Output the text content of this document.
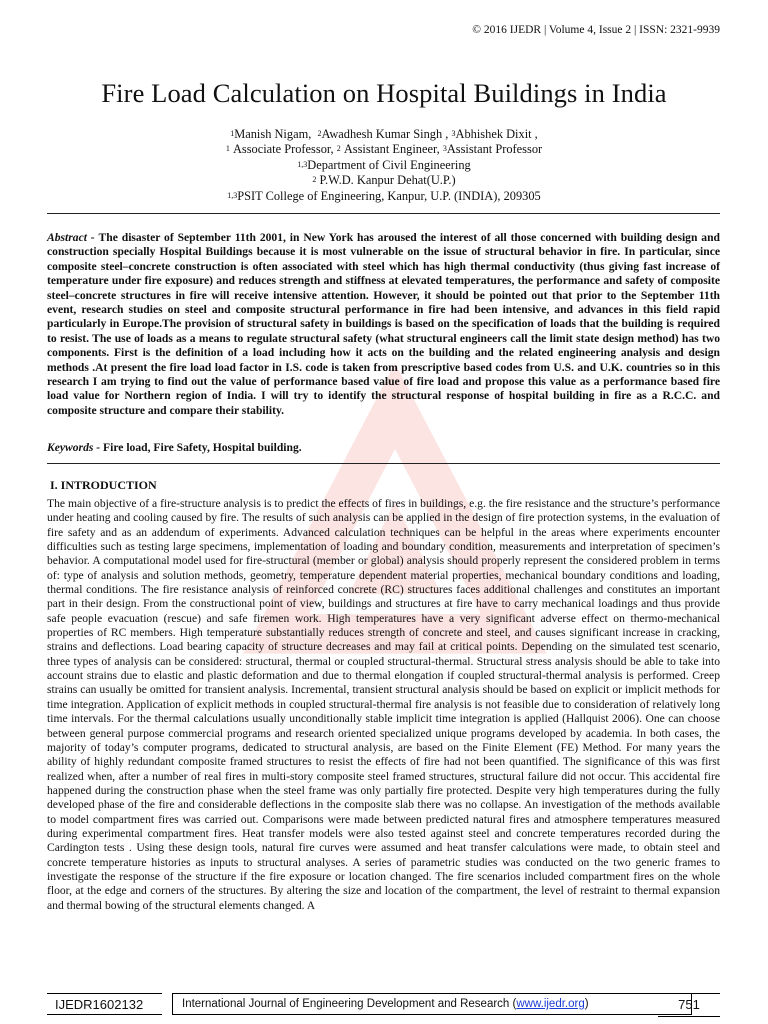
© 2016 IJEDR | Volume 4, Issue 2 | ISSN: 2321-9939
Fire Load Calculation on Hospital Buildings in India
$^1$Manish Nigam, $^2$Awadhesh Kumar Singh , $^3$Abhishek Dixit ,
$^1$ Associate Professor, $^2$ Assistant Engineer, $^3$Assistant Professor
$^{1,3}$Department of Civil Engineering
$^2$ P.W.D. Kanpur Dehat(U.P.)
$^{1,3}$PSIT College of Engineering, Kanpur, U.P. (INDIA), 209305
Abstract - The disaster of September 11th 2001, in New York has aroused the interest of all those concerned with building design and construction specially Hospital Buildings because it is most vulnerable on the issue of structural behavior in fire. In particular, since composite steel–concrete construction is often associated with steel which has high thermal conductivity (thus giving fast increase of temperature under fire exposure) and reduces strength and stiffness at elevated temperatures, the performance and safety of composite steel–concrete structures in fire will receive intensive attention. However, it should be pointed out that prior to the September 11th event, research studies on steel and composite structural performance in fire had been intensive, and advances in this field rapid particularly in Europe.The provision of structural safety in buildings is based on the specification of loads that the building is required to resist. The use of loads as a means to regulate structural safety (what structural engineers call the limit state design method) has two components. First is the definition of a load including how it acts on the building and the related engineering analysis and design methods .At present the fire load load factor in I.S. code is taken from prescriptive based codes from U.S. and U.K. countries so in this research I am trying to find out the value of performance based value of fire load and propose this value as a performance based fire load value for Northern region of India. I will try to identify the structural response of hospital building in fire as a R.C.C. and composite structure and compare their stability.
Keywords - Fire load, Fire Safety, Hospital building.
I. INTRODUCTION

The main objective of a fire-structure analysis is to predict the effects of fires in buildings, e.g. the fire resistance and the structure’s performance under heating and cooling caused by fire. The results of such analysis can be applied in the design of fire protection systems, in the evaluation of fire safety and as an addendum of experiments. Advanced calculation techniques can be helpful in the areas where experiments encounter difficulties such as testing large specimens, implementation of loading and boundary condition, measurements and interpretation of specimen’s behavior. A computational model used for fire-structural (member or global) analysis should properly represent the considered problem in terms of: type of analysis and solution methods, geometry, temperature dependent material properties, mechanical boundary conditions and loading, thermal conditions. The fire resistance analysis of reinforced concrete (RC) structures faces additional challenges and constitutes an important part in their design. From the constructional point of view, buildings and structures at fire have to carry mechanical loadings and thus provide safe people evacuation (rescue) and safe firemen work. High temperatures have a very significant adverse effect on thermo-mechanical properties of RC members. High temperature substantially reduces strength of concrete and steel, and causes significant increase in cracking, strains and deflections. Load bearing capacity of structure decreases and may fail at critical points. Depending on the simulated test scenario, three types of analysis can be considered: structural, thermal or coupled structural-thermal. Structural stress analysis should be able to take into account strains due to elastic and plastic deformation and due to thermal elongation if coupled structural-thermal analysis is performed. Creep strains can usually be omitted for transient analysis. Incremental, transient structural analysis should be based on explicit or implicit methods for time integration. Application of explicit methods in coupled structural-thermal fire analysis is not feasible due to consideration of relatively long time intervals. For the thermal calculations usually unconditionally stable implicit time integration is applied (Hallquist 2006). One can choose between general purpose commercial programs and research oriented specialized unique programs developed by academia. In both cases, the majority of today’s computer programs, dedicated to structural analysis, are based on the Finite Element (FE) Method. For many years the ability of highly redundant composite framed structures to resist the effects of fire had not been quantified. The significance of this was first realized when, after a number of real fires in multi-story composite steel framed structures, structural failure did not occur. This accidental fire happened during the construction phase when the steel frame was only partially fire protected. Despite very high temperatures during the fully developed phase of the fire and considerable deflections in the composite slab there was no collapse. An investigation of the methods available to model compartment fires was carried out. Comparisons were made between predicted natural fires and atmosphere temperatures measured during experimental compartment fires. Heat transfer models were also tested against steel and concrete temperatures recorded during the Cardington tests . Using these design tools, natural fire curves were assumed and heat transfer calculations were made, to obtain steel and concrete temperature histories as inputs to structural analyses. A series of parametric studies was conducted on the two generic frames to investigate the response of the structure if the fire exposure or location changed. The fire scenarios included compartment fires on the whole floor, at the edge and corners of the structures. By altering the size and location of the compartment, the level of restraint to thermal expansion and thermal bowing of the structural elements changed. A

IJEDR1602132	International Journal of Engineering Development and Research (www.ijedr.org)	751
